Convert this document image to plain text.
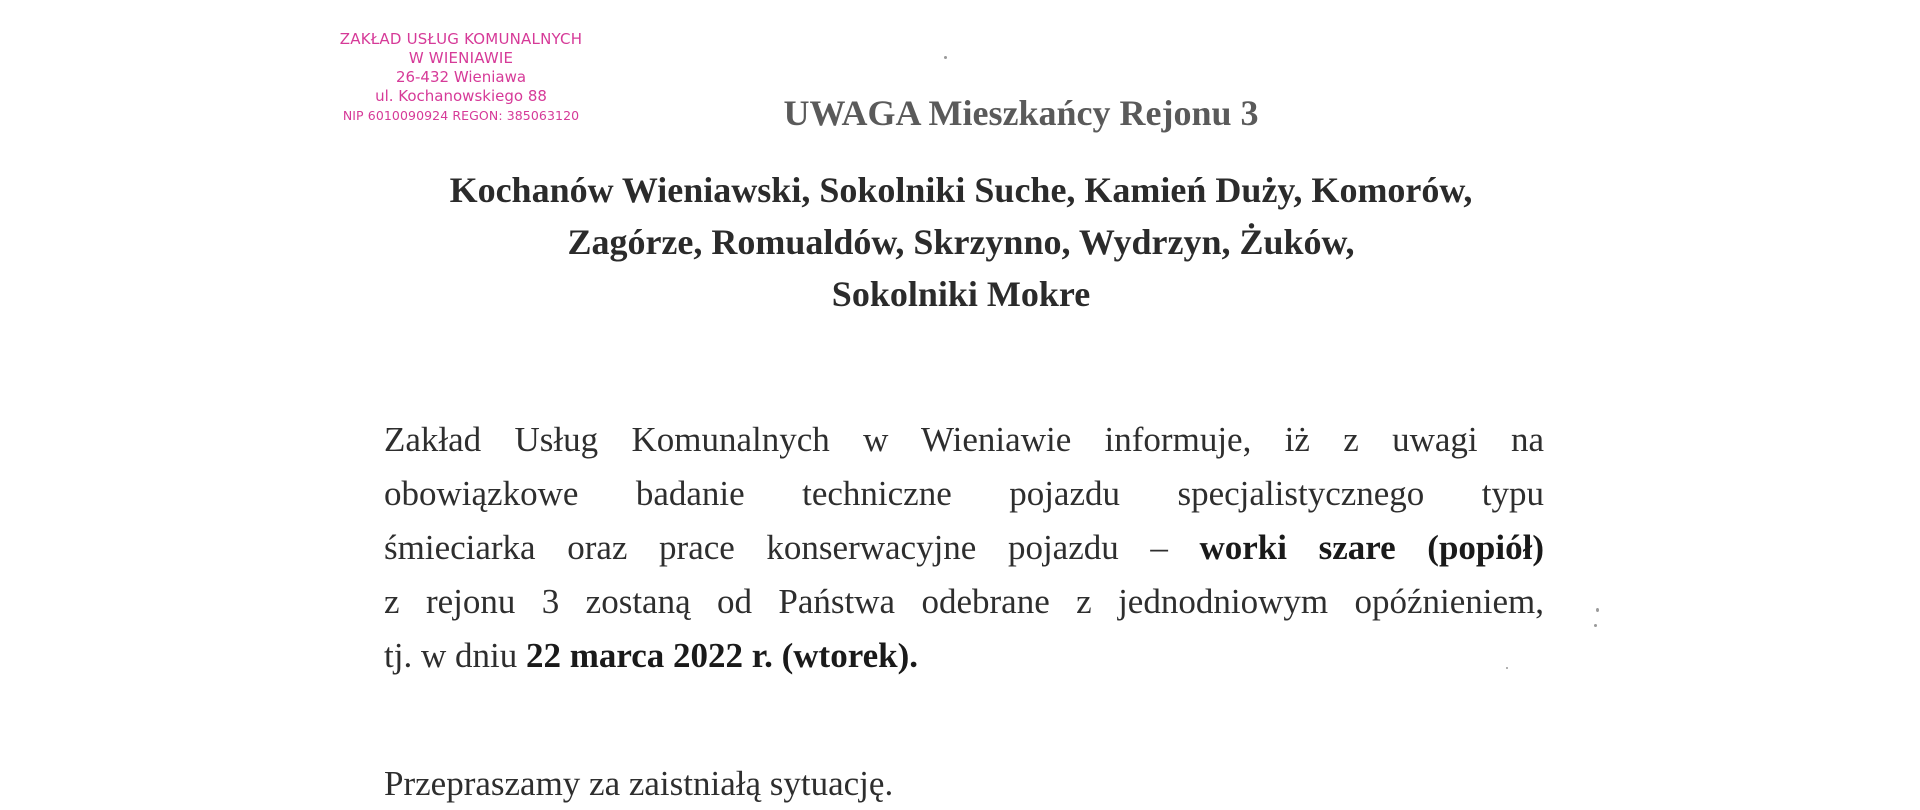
ZAKŁAD USŁUG KOMUNALNYCH
W WIENIAWIE
26-432 Wieniawa
ul. Kochanowskiego 88
NIP 6010090924 REGON: 385063120	UWAGA Mieszkańcy Rejonu 3
Kochanów Wieniawski, Sokolniki Suche, Kamień Duży, Komorów,
Zagórze, Romualdów, Skrzynno, Wydrzyn, Żuków,
Sokolniki Mokre
Zakład Usług Komunalnych w Wieniawie informuje, iż z uwagi na
obowiązkowe badanie techniczne pojazdu specjalistycznego typu
śmieciarka oraz prace konserwacyjne pojazdu – worki szare (popiół)
z rejonu 3 zostaną od Państwa odebrane z jednodniowym opóźnieniem,
tj. w dniu 22 marca 2022 r. (wtorek).
Przepraszamy za zaistniałą sytuację.
